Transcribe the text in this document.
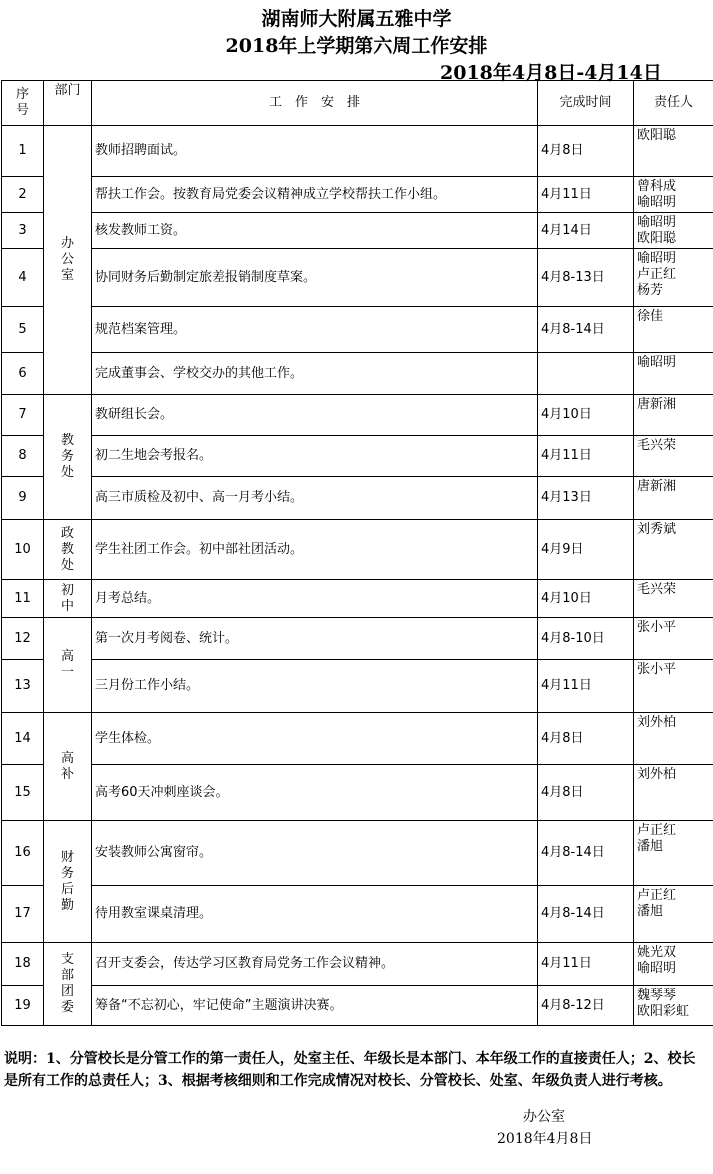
湖南师大附属五雅中学
2018年上学期第六周工作安排
2018年4月8日-4月14日
序
号	部门	工　作　安　排	完成时间	责任人
1	办
公
室	教师招聘面试。	4月8日	欧阳聪
2		帮扶工作会。按教育局党委会议精神成立学校帮扶工作小组。	4月11日	曾科成
喻昭明
3		核发教师工资。	4月14日	喻昭明
欧阳聪
4		协同财务后勤制定旅差报销制度草案。	4月8-13日	喻昭明
卢正红
杨芳
5		规范档案管理。	4月8-14日	徐佳
6		完成董事会、学校交办的其他工作。		喻昭明
7	教
务
处	教研组长会。	4月10日	唐新湘
8		初二生地会考报名。	4月11日	毛兴荣
9		高三市质检及初中、高一月考小结。	4月13日	唐新湘
10	政
教
处	学生社团工作会。初中部社团活动。	4月9日	刘秀斌
11	初
中	月考总结。	4月10日	毛兴荣
12	高
一	第一次月考阅卷、统计。	4月8-10日	张小平
13		三月份工作小结。	4月11日	张小平
14	高
补	学生体检。	4月8日	刘外柏
15		高考60天冲刺座谈会。	4月8日	刘外柏
16	财
务
后
勤	安装教师公寓窗帘。	4月8-14日	卢正红
潘旭
17		待用教室课桌清理。	4月8-14日	卢正红
潘旭
18	支
部
团
委	召开支委会，传达学习区教育局党务工作会议精神。	4月11日	姚光双
喻昭明
19		筹备“不忘初心，牢记使命”主题演讲决赛。	4月8-12日	魏琴琴
欧阳彩虹
说明：1、分管校长是分管工作的第一责任人，处室主任、年级长是本部门、本年级工作的直接责任人；2、校长是所有工作的总责任人；3、根据考核细则和工作完成情况对校长、分管校长、处室、年级负责人进行考核。
办公室
2018年4月8日
